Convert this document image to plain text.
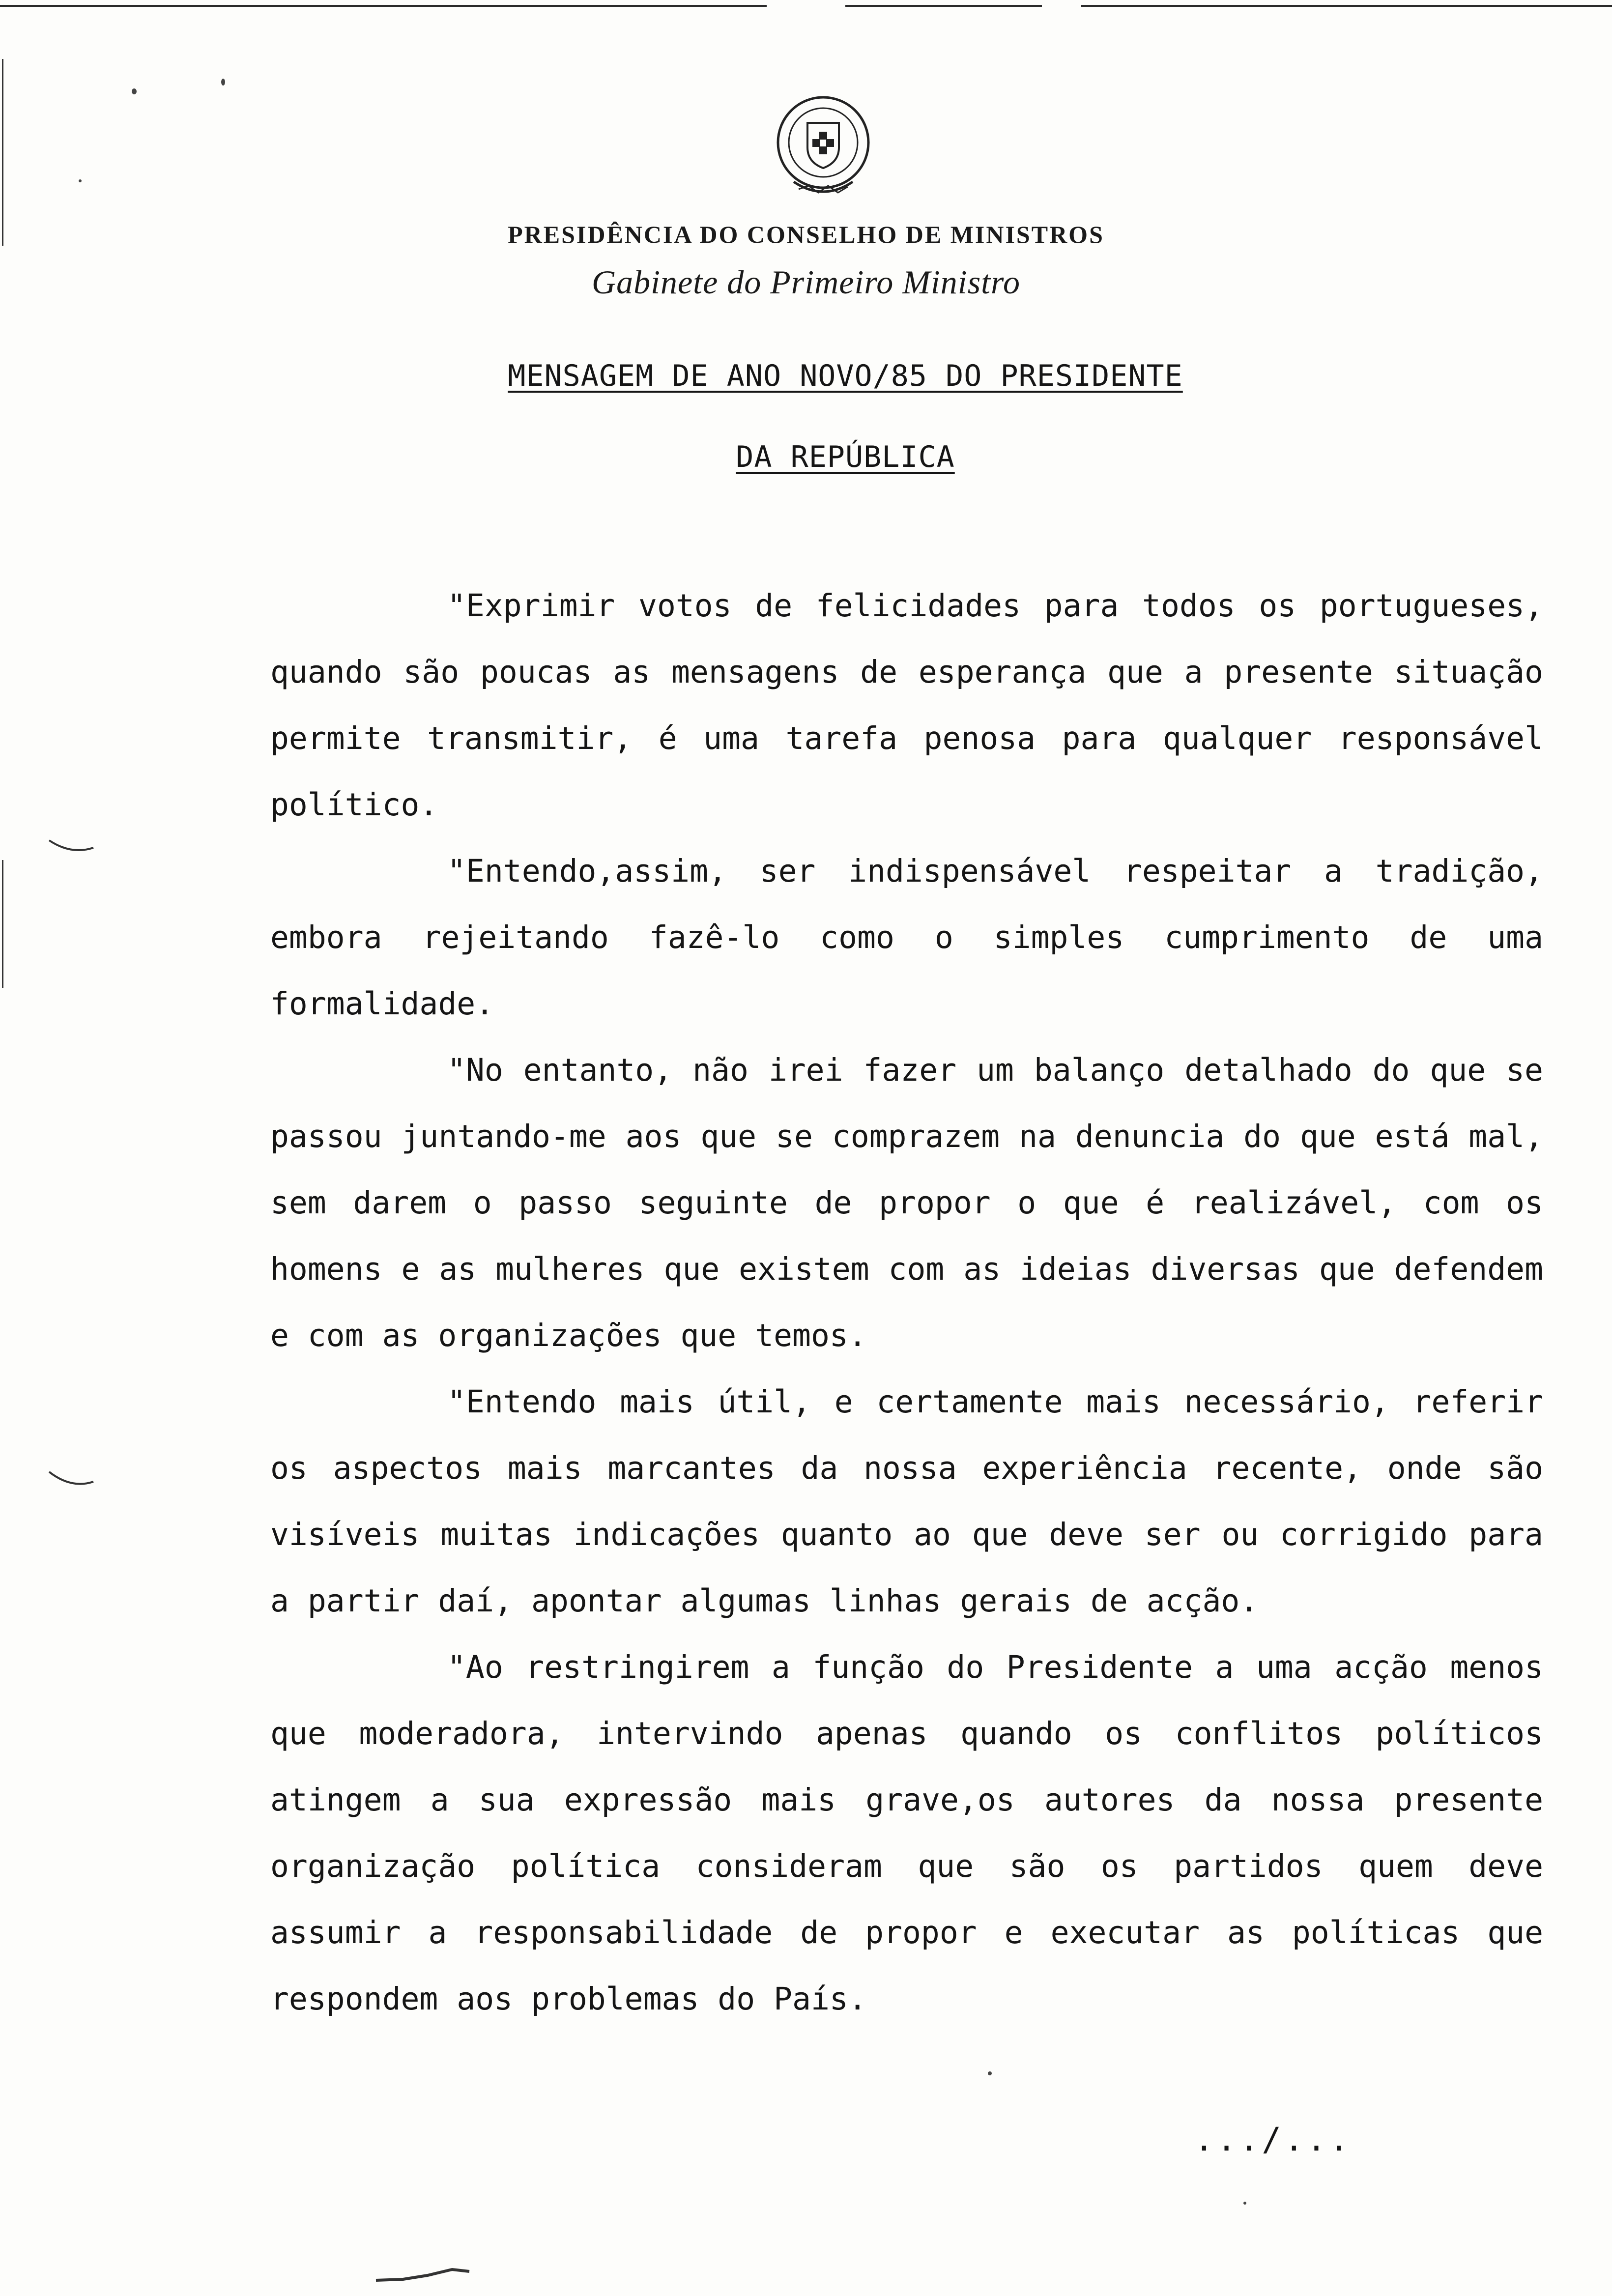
PRESIDÊNCIA DO CONSELHO DE MINISTROS
Gabinete do Primeiro Ministro
MENSAGEM DE ANO NOVO/85 DO PRESIDENTE
DA REPÚBLICA

"Exprimir votos de felicidades para todos os portugueses, quando são poucas as mensagens de esperança que a presente situação permite transmitir, é uma tarefa penosa para qualquer responsável político.

"Entendo,assim, ser indispensável respeitar a tradição, embora rejeitando fazê-lo como o simples cumprimento de uma formalidade.

"No entanto, não irei fazer um balanço detalhado do que se passou juntando-me aos que se comprazem na denuncia do que está mal, sem darem o passo seguinte de propor o que é realizável, com os homens e as mulheres que existem com as ideias diversas que defendem e com as organizações que temos.

"Entendo mais útil, e certamente mais necessário, referir os aspectos mais marcantes da nossa experiência recente, onde são visíveis muitas indicações quanto ao que deve ser ou corrigido para a partir daí, apontar algumas linhas gerais de acção.

"Ao restringirem a função do Presidente a uma acção menos que moderadora, intervindo apenas quando os conflitos políticos atingem a sua expressão mais grave,os autores da nossa presente organização política consideram que são os partidos quem deve assumir a responsabilidade de propor e executar as políticas que respondem aos problemas do País.

.../...
